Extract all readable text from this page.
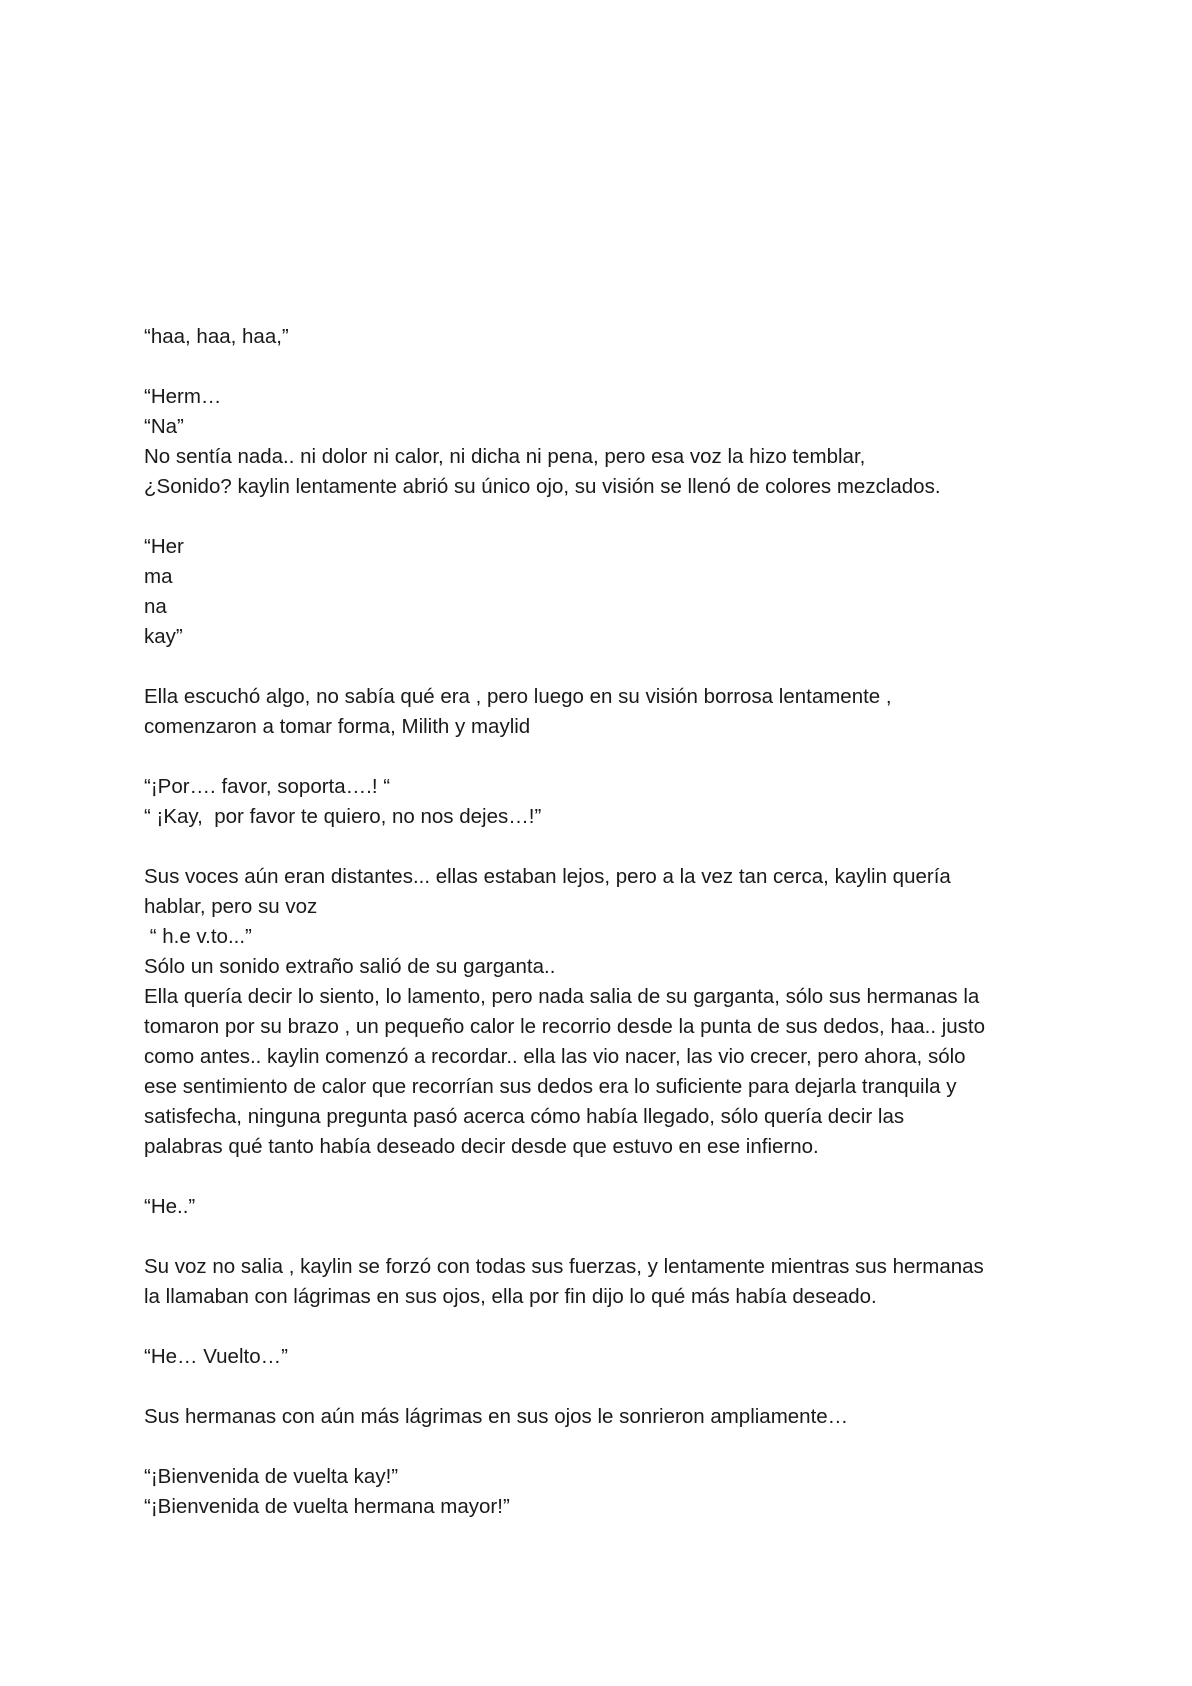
“haa, haa, haa,”
“Herm…
“Na”
No sentía nada.. ni dolor ni calor, ni dicha ni pena, pero esa voz la hizo temblar,
¿Sonido? kaylin lentamente abrió su único ojo, su visión se llenó de colores mezclados.
“Her
ma
na
kay”
Ella escuchó algo, no sabía qué era , pero luego en su visión borrosa lentamente ,
comenzaron a tomar forma, Milith y maylid
“¡Por…. favor, soporta….! “
“ ¡Kay,  por favor te quiero, no nos dejes…!”
Sus voces aún eran distantes... ellas estaban lejos, pero a la vez tan cerca, kaylin quería
hablar, pero su voz
“ h.e v.to...”
Sólo un sonido extraño salió de su garganta..
Ella quería decir lo siento, lo lamento, pero nada salia de su garganta, sólo sus hermanas la
tomaron por su brazo , un pequeño calor le recorrio desde la punta de sus dedos, haa.. justo
como antes.. kaylin comenzó a recordar.. ella las vio nacer, las vio crecer, pero ahora, sólo
ese sentimiento de calor que recorrían sus dedos era lo suficiente para dejarla tranquila y
satisfecha, ninguna pregunta pasó acerca cómo había llegado, sólo quería decir las
palabras qué tanto había deseado decir desde que estuvo en ese infierno.
“He..”
Su voz no salia , kaylin se forzó con todas sus fuerzas, y lentamente mientras sus hermanas
la llamaban con lágrimas en sus ojos, ella por fin dijo lo qué más había deseado.
“He… Vuelto…”
Sus hermanas con aún más lágrimas en sus ojos le sonrieron ampliamente…
“¡Bienvenida de vuelta kay!”
“¡Bienvenida de vuelta hermana mayor!”
